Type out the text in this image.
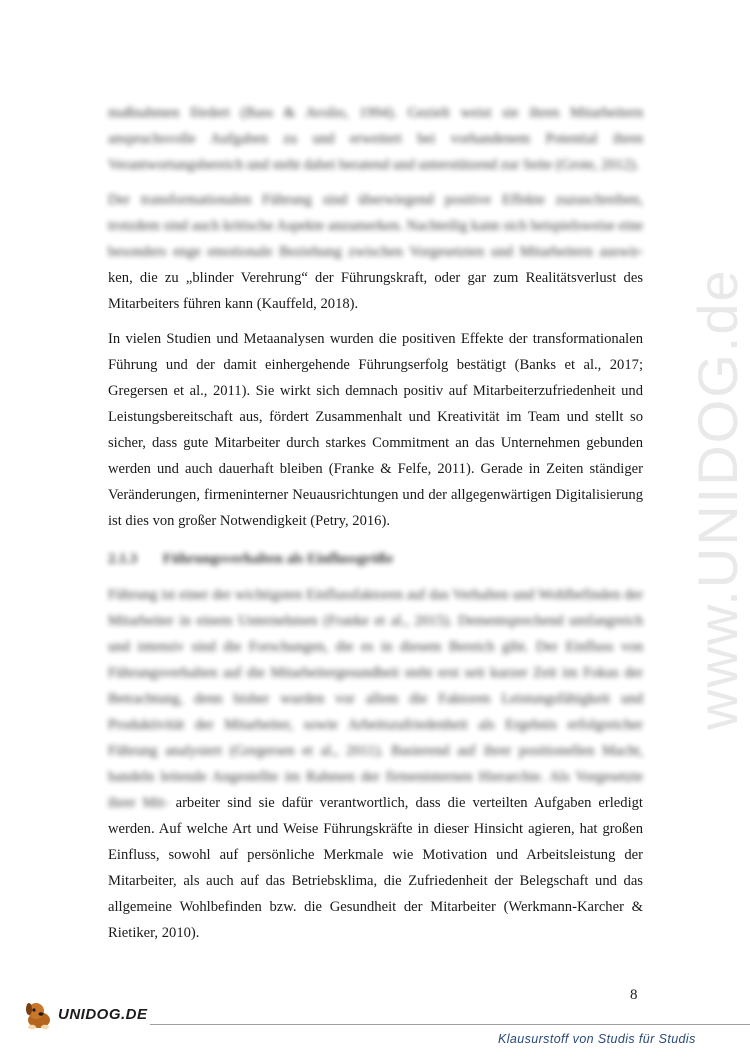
www.UNIDOG.de

maßnahmen fördert (Bass & Avolio, 1994). Gezielt weist sie ihren Mitarbeitern anspruchsvolle Aufgaben zu und erweitert bei vorhandenem Potential ihren Verantwortungsbereich und steht dabei beratend und unterstützend zur Seite (Grote, 2012).

Der transformationalen Führung sind überwiegend positive Effekte zuzuschreiben, trotzdem sind auch kritische Aspekte anzumerken. Nachteilig kann sich beispielsweise eine besonders enge emotionale Beziehung zwischen Vorgesetzten und Mitarbeitern auswir- ken, die zu „blinder Verehrung“ der Führungskraft, oder gar zum Realitätsverlust des Mitarbeiters führen kann (Kauffeld, 2018).

In vielen Studien und Metaanalysen wurden die positiven Effekte der transformationalen Führung und der damit einhergehende Führungserfolg bestätigt (Banks et al., 2017; Gregersen et al., 2011). Sie wirkt sich demnach positiv auf Mitarbeiterzufriedenheit und Leistungsbereitschaft aus, fördert Zusammenhalt und Kreativität im Team und stellt so sicher, dass gute Mitarbeiter durch starkes Commitment an das Unternehmen gebunden werden und auch dauerhaft bleiben (Franke & Felfe, 2011). Gerade in Zeiten ständiger Veränderungen, firmeninterner Neuausrichtungen und der allgegenwärtigen Digitalisierung ist dies von großer Notwendigkeit (Petry, 2016).

2.1.3 Führungsverhalten als Einflussgröße

Führung ist einer der wichtigsten Einflussfaktoren auf das Verhalten und Wohlbefinden der Mitarbeiter in einem Unternehmen (Franke et al., 2015). Dementsprechend umfangreich und intensiv sind die Forschungen, die es in diesem Bereich gibt. Der Einfluss von Führungsverhalten auf die Mitarbeitergesundheit steht erst seit kurzer Zeit im Fokus der Betrachtung, denn bisher wurden vor allem die Faktoren Leistungsfähigkeit und Produktivität der Mitarbeiter, sowie Arbeitszufriedenheit als Ergebnis erfolgreicher Führung analysiert (Gregersen et al., 2011). Basierend auf ihrer positionellen Macht, handeln leitende Angestellte im Rahmen der firmeninternen Hierarchie. Als Vorgesetzte ihrer Mit- arbeiter sind sie dafür verantwortlich, dass die verteilten Aufgaben erledigt werden. Auf welche Art und Weise Führungskräfte in dieser Hinsicht agieren, hat großen Einfluss, sowohl auf persönliche Merkmale wie Motivation und Arbeitsleistung der Mitarbeiter, als auch auf das Betriebsklima, die Zufriedenheit der Belegschaft und das allgemeine Wohlbefinden bzw. die Gesundheit der Mitarbeiter (Werkmann-Karcher & Rietiker, 2010).

8
UNIDOG.DE
Klausurstoff von Studis für Studis
